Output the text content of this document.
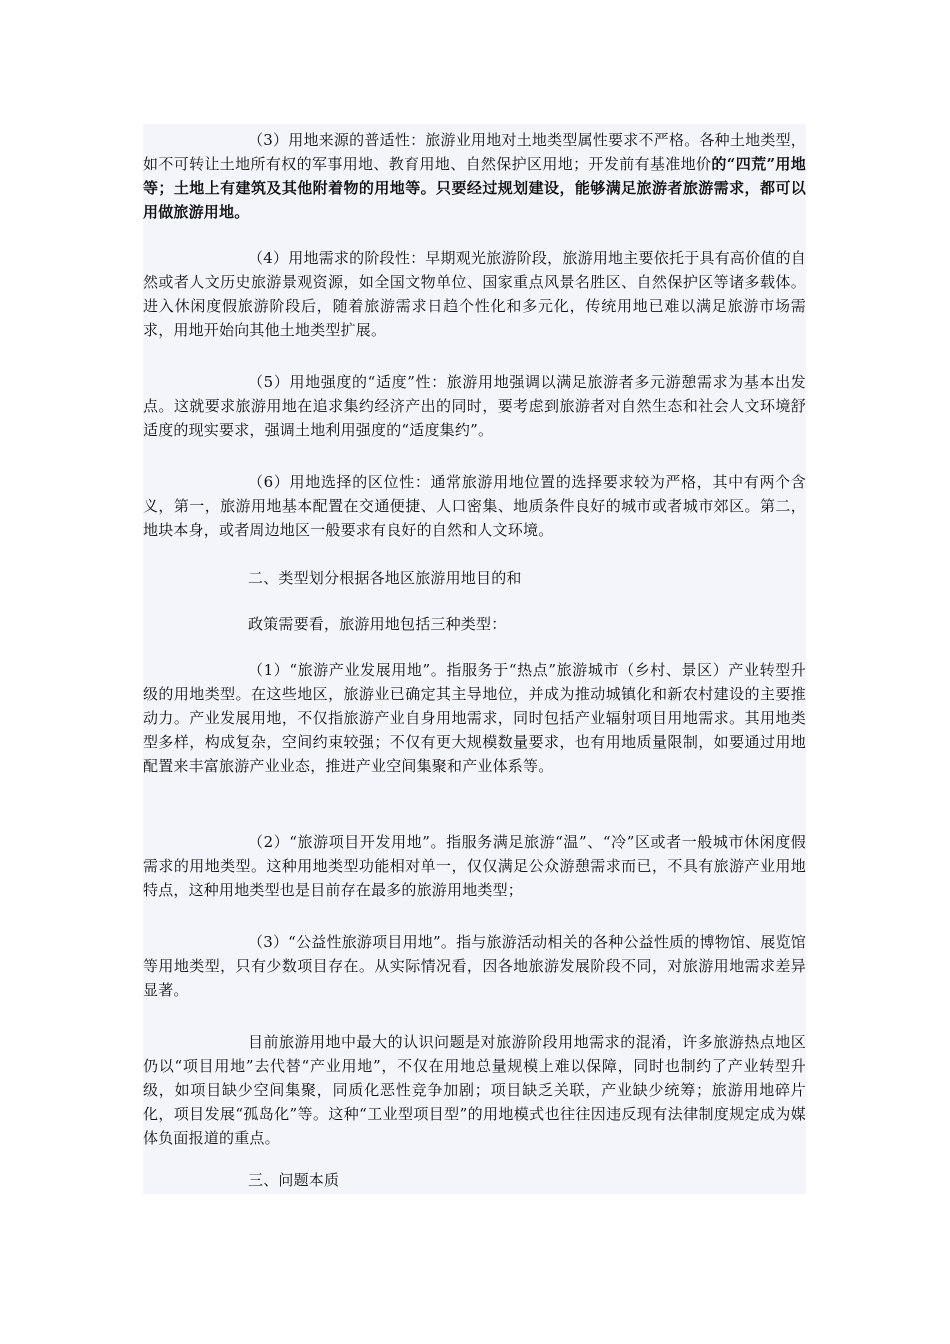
（3）用地来源的普适性：旅游业用地对土地类型属性要求不严格。各种土地类型，如不可转让土地所有权的军事用地、教育用地、自然保护区用地；开发前有基准地价的“四荒”用地等；土地上有建筑及其他附着物的用地等。只要经过规划建设，能够满足旅游者旅游需求，都可以用做旅游用地。

（4）用地需求的阶段性：早期观光旅游阶段，旅游用地主要依托于具有高价值的自然或者人文历史旅游景观资源，如全国文物单位、国家重点风景名胜区、自然保护区等诸多载体。进入休闲度假旅游阶段后，随着旅游需求日趋个性化和多元化，传统用地已难以满足旅游市场需求，用地开始向其他土地类型扩展。

（5）用地强度的“适度”性：旅游用地强调以满足旅游者多元游憩需求为基本出发点。这就要求旅游用地在追求集约经济产出的同时，要考虑到旅游者对自然生态和社会人文环境舒适度的现实要求，强调土地利用强度的“适度集约”。

（6）用地选择的区位性：通常旅游用地位置的选择要求较为严格，其中有两个含义，第一，旅游用地基本配置在交通便捷、人口密集、地质条件良好的城市或者城市郊区。第二，地块本身，或者周边地区一般要求有良好的自然和人文环境。

二、类型划分根据各地区旅游用地目的和

政策需要看，旅游用地包括三种类型：

（1）“旅游产业发展用地”。指服务于“热点”旅游城市（乡村、景区）产业转型升级的用地类型。在这些地区，旅游业已确定其主导地位，并成为推动城镇化和新农村建设的主要推动力。产业发展用地，不仅指旅游产业自身用地需求，同时包括产业辐射项目用地需求。其用地类型多样，构成复杂，空间约束较强；不仅有更大规模数量要求，也有用地质量限制，如要通过用地配置来丰富旅游产业业态，推进产业空间集聚和产业体系等。

（2）“旅游项目开发用地”。指服务满足旅游“温”、“冷”区或者一般城市休闲度假需求的用地类型。这种用地类型功能相对单一，仅仅满足公众游憩需求而已，不具有旅游产业用地特点，这种用地类型也是目前存在最多的旅游用地类型；

（3）“公益性旅游项目用地”。指与旅游活动相关的各种公益性质的博物馆、展览馆等用地类型，只有少数项目存在。从实际情况看，因各地旅游发展阶段不同，对旅游用地需求差异显著。

目前旅游用地中最大的认识问题是对旅游阶段用地需求的混淆，许多旅游热点地区仍以“项目用地”去代替“产业用地”，不仅在用地总量规模上难以保障，同时也制约了产业转型升级，如项目缺少空间集聚，同质化恶性竞争加剧；项目缺乏关联，产业缺少统筹；旅游用地碎片化，项目发展“孤岛化”等。这种“工业型项目型”的用地模式也往往因违反现有法律制度规定成为媒体负面报道的重点。

三、问题本质
